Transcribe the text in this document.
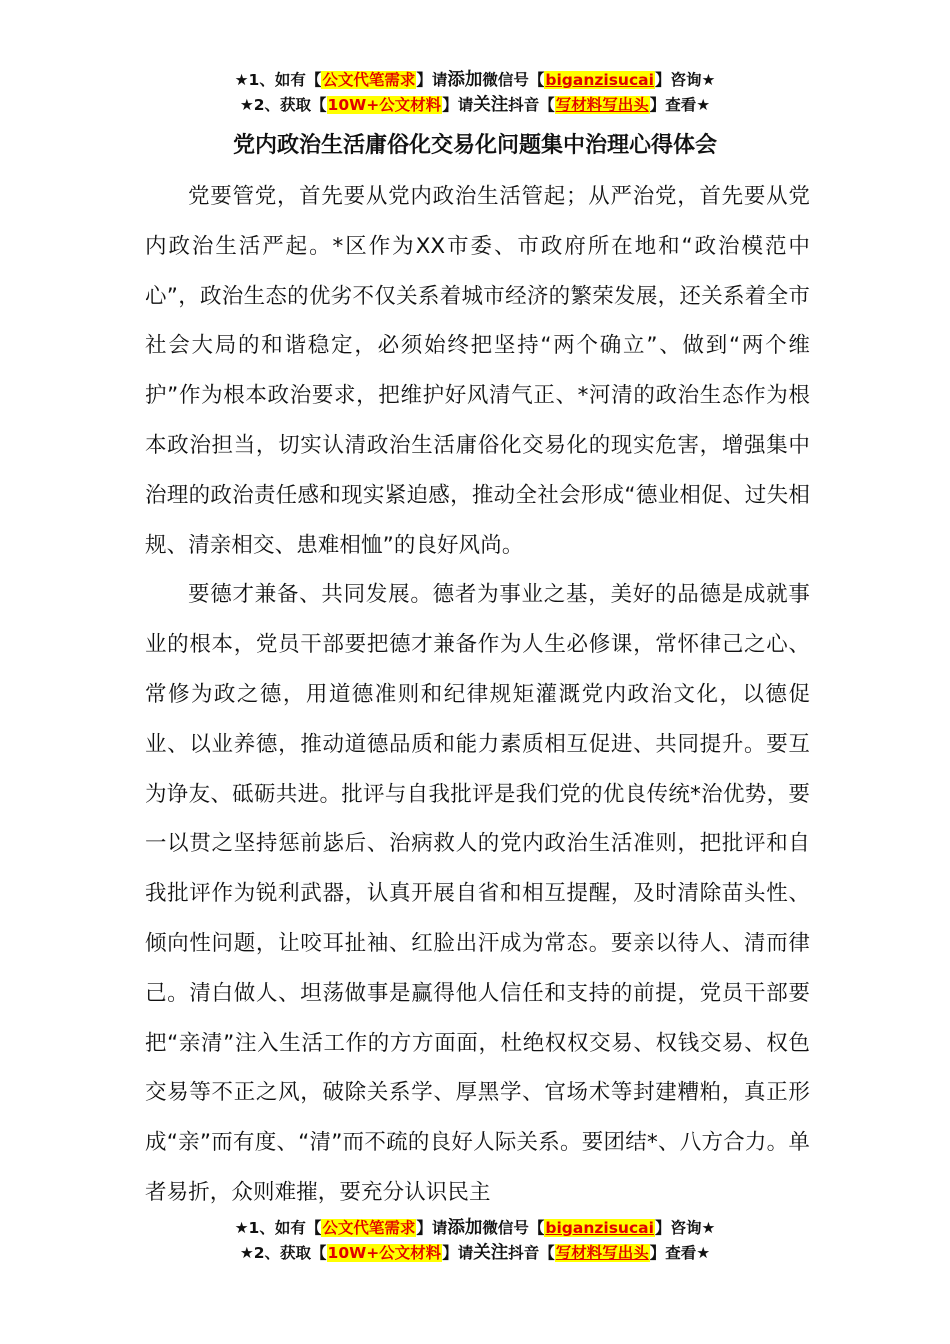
★1、如有【公文代笔需求】请添加微信号【biganzisucai】咨询★
★2、获取【10W+公文材料】请关注抖音【写材料写出头】查看★
党内政治生活庸俗化交易化问题集中治理心得体会

党要管党，首先要从党内政治生活管起；从严治党，首先要从党内政治生活严起。*区作为XX市委、市政府所在地和“政治模范中心”，政治生态的优劣不仅关系着城市经济的繁荣发展，还关系着全市社会大局的和谐稳定，必须始终把坚持“两个确立”、做到“两个维护”作为根本政治要求，把维护好风清气正、*河清的政治生态作为根本政治担当，切实认清政治生活庸俗化交易化的现实危害，增强集中治理的政治责任感和现实紧迫感，推动全社会形成“德业相促、过失相规、清亲相交、患难相恤”的良好风尚。

要德才兼备、共同发展。德者为事业之基，美好的品德是成就事业的根本，党员干部要把德才兼备作为人生必修课，常怀律己之心、常修为政之德，用道德准则和纪律规矩灌溉党内政治文化，以德促业、以业养德，推动道德品质和能力素质相互促进、共同提升。要互为诤友、砥砺共进。批评与自我批评是我们党的优良传统*治优势，要一以贯之坚持惩前毖后、治病救人的党内政治生活准则，把批评和自我批评作为锐利武器，认真开展自省和相互提醒，及时清除苗头性、倾向性问题，让咬耳扯袖、红脸出汗成为常态。要亲以待人、清而律己。清白做人、坦荡做事是赢得他人信任和支持的前提，党员干部要把“亲清”注入生活工作的方方面面，杜绝权权交易、权钱交易、权色交易等不正之风，破除关系学、厚黑学、官场术等封建糟粕，真正形成“亲”而有度、“清”而不疏的良好人际关系。要团结*、八方合力。单者易折，众则难摧，要充分认识民主

★1、如有【公文代笔需求】请添加微信号【biganzisucai】咨询★
★2、获取【10W+公文材料】请关注抖音【写材料写出头】查看★
